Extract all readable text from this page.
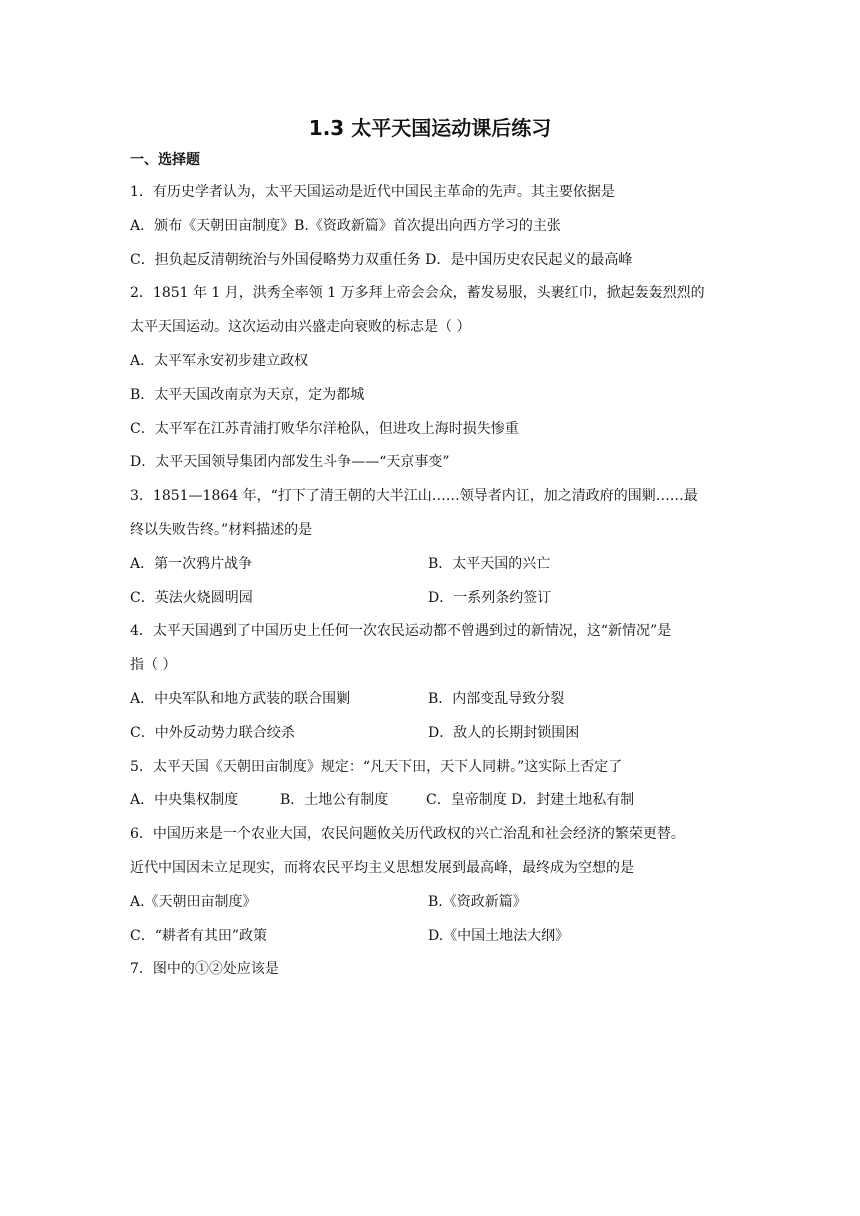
1.3 太平天国运动课后练习
一、选择题
1．有历史学者认为，太平天国运动是近代中国民主革命的先声。其主要依据是
A．颁布《天朝田亩制度》B.《资政新篇》首次提出向西方学习的主张
C．担负起反清朝统治与外国侵略势力双重任务 D．是中国历史农民起义的最高峰
2．1851 年 1 月，洪秀全率领 1 万多拜上帝会会众，蓄发易服，头裹红巾，掀起轰轰烈烈的
太平天国运动。这次运动由兴盛走向衰败的标志是（ ）
A．太平军永安初步建立政权
B．太平天国改南京为天京，定为都城
C．太平军在江苏青浦打败华尔洋枪队，但进攻上海时损失惨重
D．太平天国领导集团内部发生斗争——“天京事变”
3．1851—1864 年，“打下了清王朝的大半江山……领导者内讧，加之清政府的围剿……最
终以失败告终。”材料描述的是
A．第一次鸦片战争	B．太平天国的兴亡
C．英法火烧圆明园	D．一系列条约签订
4．太平天国遇到了中国历史上任何一次农民运动都不曾遇到过的新情况，这“新情况”是
指（ ）
A．中央军队和地方武装的联合围剿	B．内部变乱导致分裂
C．中外反动势力联合绞杀	D．敌人的长期封锁围困
5．太平天国《天朝田亩制度》规定：“凡天下田，天下人同耕。”这实际上否定了
A．中央集权制度	B．土地公有制度	C．皇帝制度 D．封建土地私有制
6．中国历来是一个农业大国，农民问题攸关历代政权的兴亡治乱和社会经济的繁荣更替。
近代中国因未立足现实，而将农民平均主义思想发展到最高峰，最终成为空想的是
A.《天朝田亩制度》	B.《资政新篇》
C．“耕者有其田”政策	D.《中国土地法大纲》
7．图中的①②处应该是
